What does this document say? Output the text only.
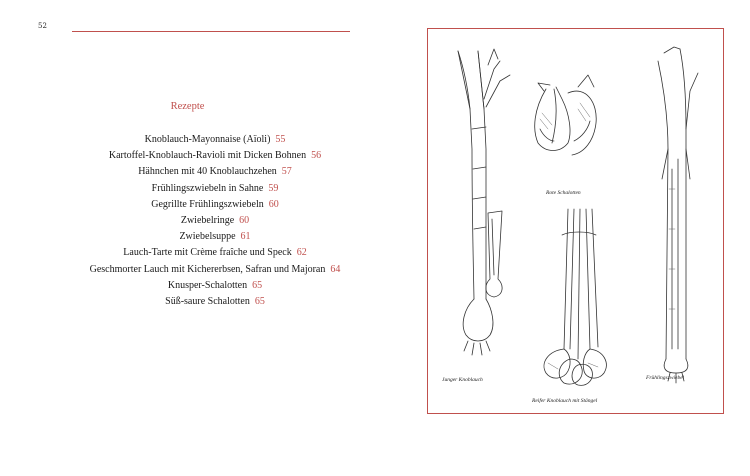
52
Rezepte
Knoblauch-Mayonnaise (Aïoli) 55
Kartoffel-Knoblauch-Ravioli mit Dicken Bohnen 56
Hähnchen mit 40 Knoblauchzehen 57
Frühlingszwiebeln in Sahne 59
Gegrillte Frühlingszwiebeln 60
Zwiebelringe 60
Zwiebelsuppe 61
Lauch-Tarte mit Crème fraîche und Speck 62
Geschmorter Lauch mit Kichererbsen, Safran und Majoran 64
Knusper-Schalotten 65
Süß-saure Schalotten 65
Rote Schalotten
Junger Knoblauch
Reifer Knoblauch mit Stängel
Frühlingszwiebel
